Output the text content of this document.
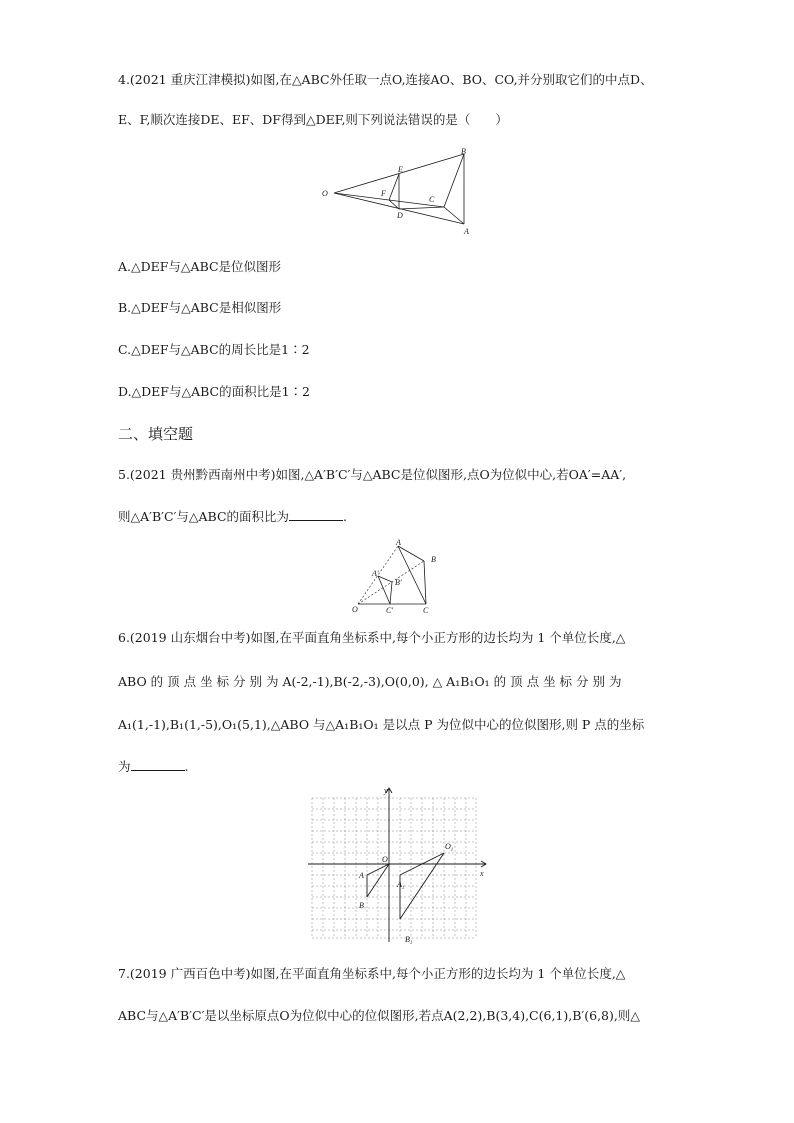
4.(2021 重庆江津模拟)如图,在△ABC外任取一点O,连接AO、BO、CO,并分别取它们的中点D、
E、F,顺次连接DE、EF、DF得到△DEF,则下列说法错误的是（　　）
O
E
F
D
B
C
A
A.△DEF与△ABC是位似图形
B.△DEF与△ABC是相似图形
C.△DEF与△ABC的周长比是1∶2
D.△DEF与△ABC的面积比是1∶2
二、填空题
5.(2021 贵州黔西南州中考)如图,△A′B′C′与△ABC是位似图形,点O为位似中心,若OA′=AA′,
则△A′B′C′与△ABC的面积比为	.
A
B
A′
B′
C′	C
O
6.(2019 山东烟台中考)如图,在平面直角坐标系中,每个小正方形的边长均为 1 个单位长度,△
ABO 的 顶 点 坐 标 分 别 为 A(-2,-1),B(-2,-3),O(0,0), △ A₁B₁O₁ 的 顶 点 坐 标 分 别 为
A₁(1,-1),B₁(1,-5),O₁(5,1),△ABO 与△A₁B₁O₁ 是以点 P 为位似中心的位似图形,则 P 点的坐标
为	.
y
x
O
$O_1$
A
B
$A_1$
$B_1$
7.(2019 广西百色中考)如图,在平面直角坐标系中,每个小正方形的边长均为 1 个单位长度,△
ABC与△A′B′C′是以坐标原点O为位似中心的位似图形,若点A(2,2),B(3,4),C(6,1),B′(6,8),则△
